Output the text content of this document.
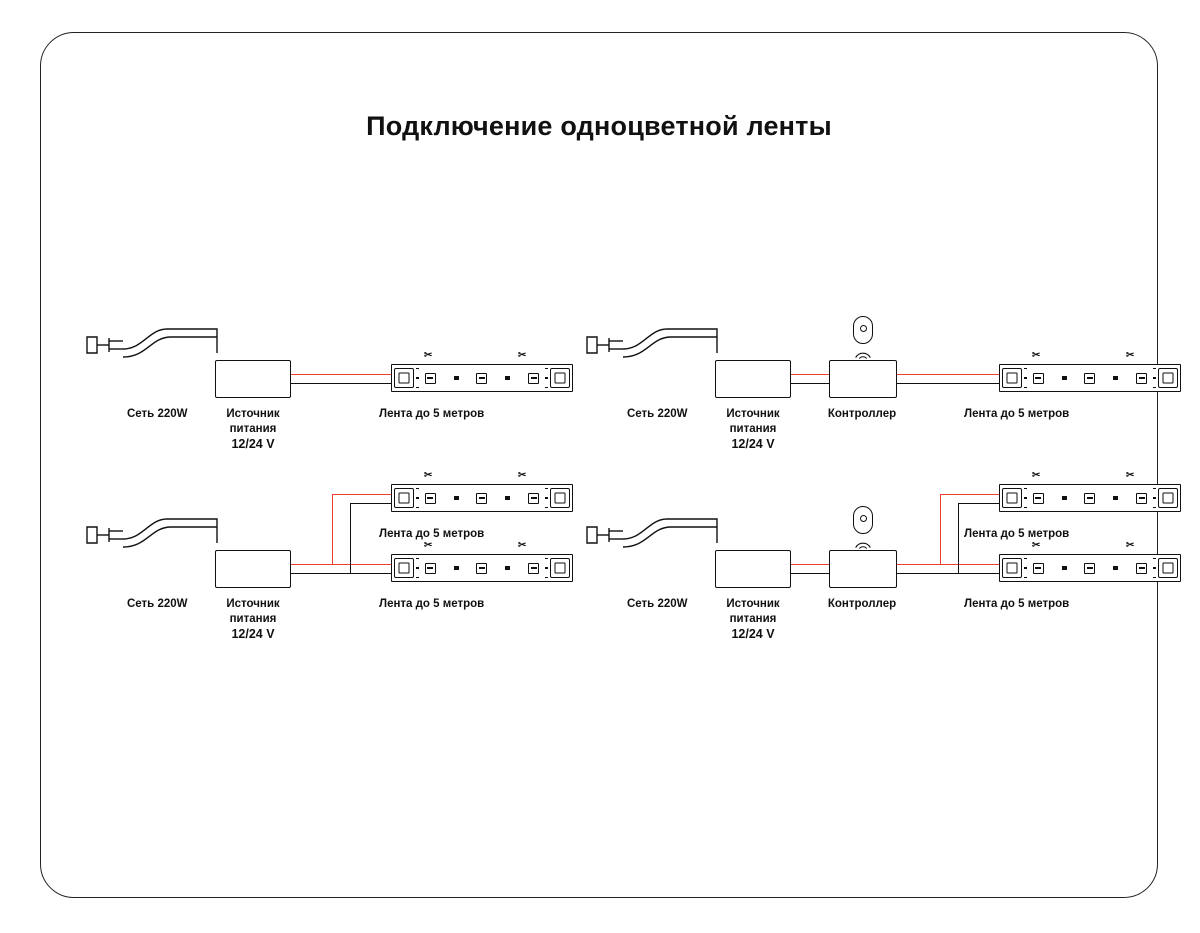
Подключение одноцветной ленты
✂	✂
Сеть 220W	Источник
питания
12/24 V
Лента до 5 метров
✂	✂
Сеть 220W	Источник
питания
12/24 V
Контроллер	Лента до 5 метров
✂	✂
Лента до 5 метров
✂	✂
Сеть 220W	Источник
питания
12/24 V
Лента до 5 метров
✂	✂
Лента до 5 метров
✂	✂
Сеть 220W	Источник
питания
12/24 V
Контроллер	Лента до 5 метров
